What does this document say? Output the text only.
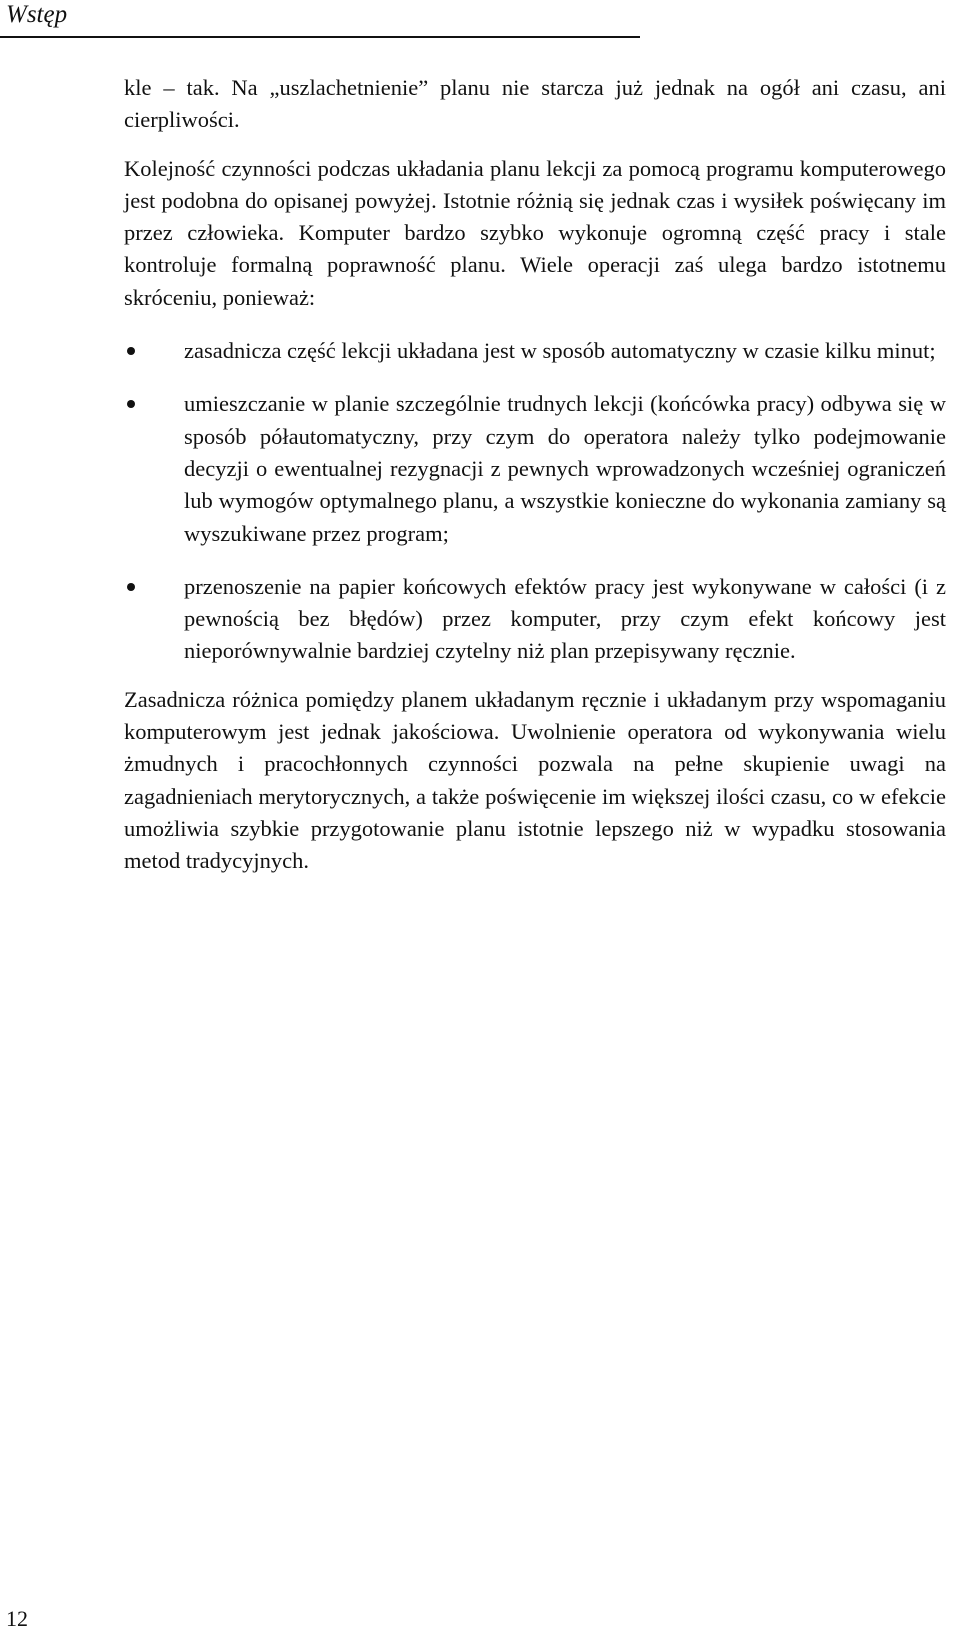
Wstęp

kle – tak. Na „uszlachetnienie” planu nie starcza już jednak na ogół ani czasu, ani cierpliwości.

Kolejność czynności podczas układania planu lekcji za pomocą programu komputerowego jest podobna do opisanej powyżej. Istotnie różnią się jednak czas i wysiłek poświęcany im przez człowieka. Komputer bardzo szybko wykonuje ogromną część pracy i stale kontroluje formalną poprawność planu. Wiele operacji zaś ulega bardzo istotnemu skróceniu, ponieważ:

zasadnicza część lekcji układana jest w sposób automatyczny w czasie kilku minut;
umieszczanie w planie szczególnie trudnych lekcji (końcówka pracy) odbywa się w sposób półautomatyczny, przy czym do operatora należy tylko podejmowanie decyzji o ewentualnej rezygnacji z pewnych wprowadzonych wcześniej ograniczeń lub wymogów optymalnego planu, a wszystkie konieczne do wykonania zamiany są wyszukiwane przez program;
przenoszenie na papier końcowych efektów pracy jest wykonywane w całości (i z pewnością bez błędów) przez komputer, przy czym efekt końcowy jest nieporównywalnie bardziej czytelny niż plan przepisywany ręcznie.

Zasadnicza różnica pomiędzy planem układanym ręcznie i układanym przy wspomaganiu komputerowym jest jednak jakościowa. Uwolnienie operatora od wykonywania wielu żmudnych i pracochłonnych czynności pozwala na pełne skupienie uwagi na zagadnieniach merytorycznych, a także poświęcenie im większej ilości czasu, co w efekcie umożliwia szybkie przygotowanie planu istotnie lepszego niż w wypadku stosowania metod tradycyjnych.

12
